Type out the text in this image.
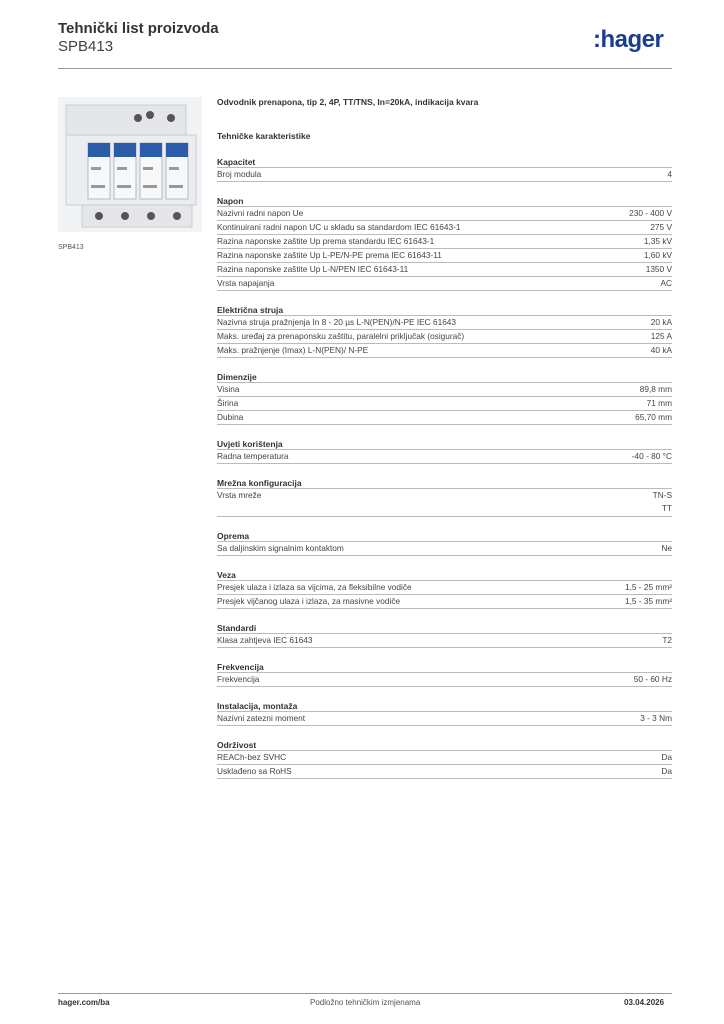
Tehnički list proizvoda
SPB413	:hager
SPB413
Odvodnik prenapona, tip 2, 4P, TT/TNS, In=20kA, indikacija kvara
Tehničke karakteristike
Kapacitet
Broj modula	4
Napon
Nazivni radni napon Ue	230 - 400 V
Kontinuirani radni napon UC u skladu sa standardom IEC 61643-1	275 V
Razina naponske zaštite Up prema standardu IEC 61643-1	1,35 kV
Razina naponske zaštite Up L-PE/N-PE prema IEC 61643-11	1,60 kV
Razina naponske zaštite Up L-N/PEN IEC 61643-11	1350 V
Vrsta napajanja	AC
Električna struja
Nazivna struja pražnjenja In 8 - 20 µs L-N(PEN)/N-PE IEC 61643	20 kA
Maks. uređaj za prenaponsku zaštitu, paralelni priključak (osigurač)	125 A
Maks. pražnjenje (Imax) L-N(PEN)/ N-PE	40 kA
Dimenzije
Visina	89,8 mm
Širina	71 mm
Dubina	65,70 mm
Uvjeti korištenja
Radna temperatura	-40 - 80 °C
Mrežna konfiguracija
Vrsta mreže	TN-S
TT
Oprema
Sa daljinskim signalnim kontaktom	Ne
Veza
Presjek ulaza i izlaza sa vijcima, za fleksibilne vodiče	1,5 - 25 mm²
Presjek vijčanog ulaza i izlaza, za masivne vodiče	1,5 - 35 mm²
Standardi
Klasa zahtjeva IEC 61643	T2
Frekvencija
Frekvencija	50 - 60 Hz
Instalacija, montaža
Nazivni zatezni moment	3 - 3 Nm
Održivost
REACh-bez SVHC	Da
Usklađeno sa RoHS	Da
hager.com/ba	Podložno tehničkim izmjenama	03.04.2026
